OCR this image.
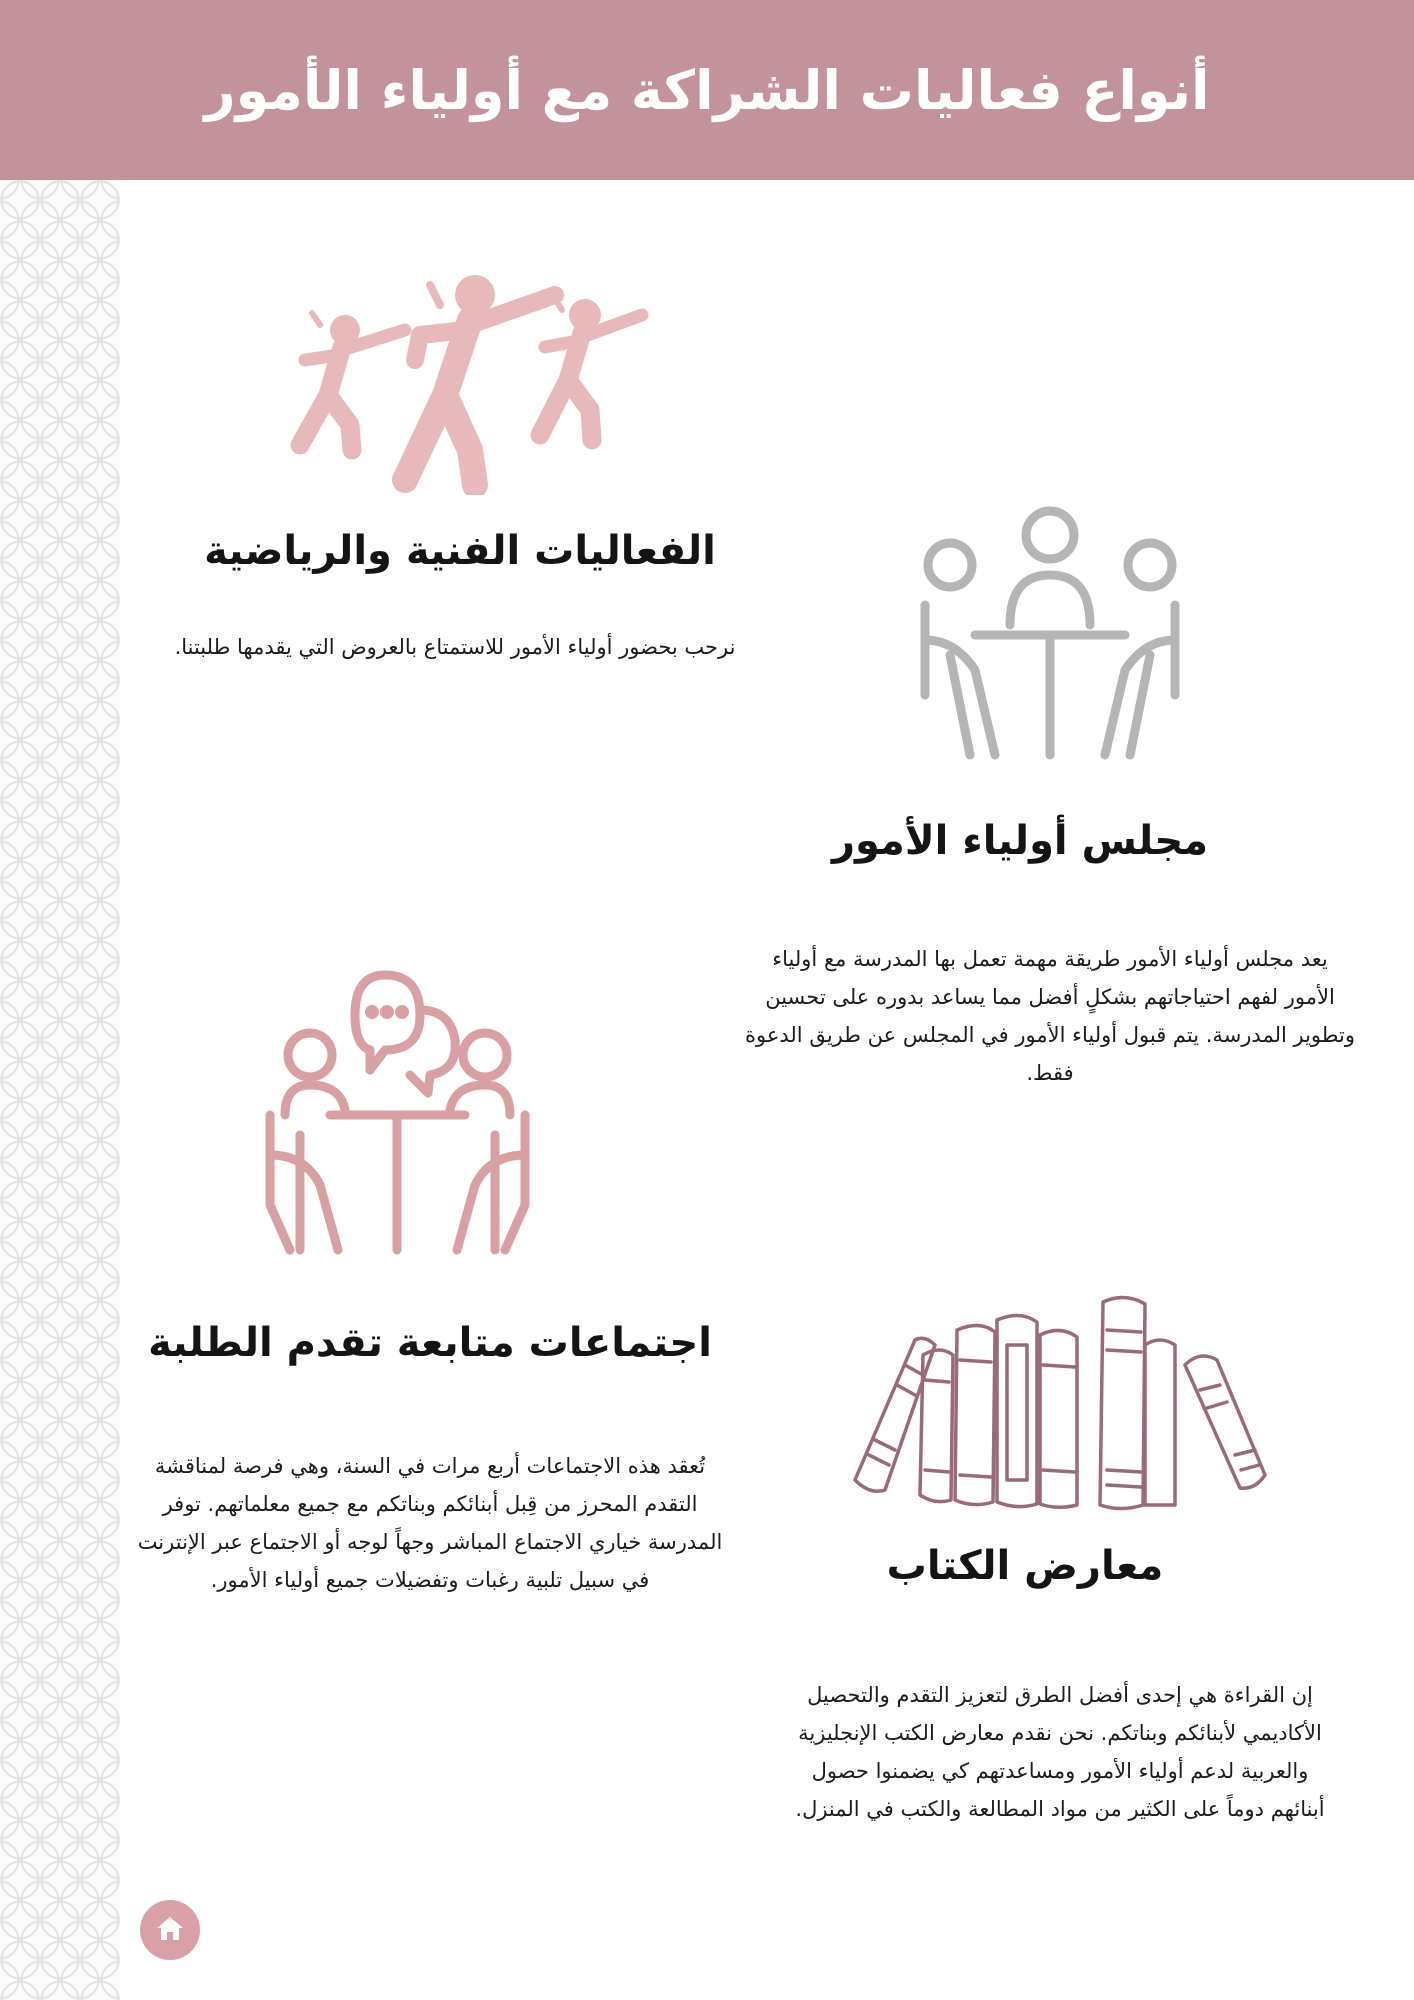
أنواع فعاليات الشراكة مع أولياء الأمور
الفعاليات الفنية والرياضية

نرحب بحضور أولياء الأمور للاستمتاع بالعروض التي يقدمها طلبتنا.

مجلس أولياء الأمور

يعد مجلس أولياء الأمور طريقة مهمة تعمل بها المدرسة مع أولياء الأمور لفهم احتياجاتهم بشكلٍ أفضل مما يساعد بدوره على تحسين وتطوير المدرسة. يتم قبول أولياء الأمور في المجلس عن طريق الدعوة فقط.

اجتماعات متابعة تقدم الطلبة

تُعقد هذه الاجتماعات أربع مرات في السنة، وهي فرصة لمناقشة التقدم المحرز من قِبل أبنائكم وبناتكم مع جميع معلماتهم. توفر المدرسة خياري الاجتماع المباشر وجهاً لوجه أو الاجتماع عبر الإنترنت في سبيل تلبية رغبات وتفضيلات جميع أولياء الأمور.	معارض الكتاب

إن القراءة هي إحدى أفضل الطرق لتعزيز التقدم والتحصيل الأكاديمي لأبنائكم وبناتكم. نحن نقدم معارض الكتب الإنجليزية والعربية لدعم أولياء الأمور ومساعدتهم كي يضمنوا حصول أبنائهم دوماً على الكثير من مواد المطالعة والكتب في المنزل.
